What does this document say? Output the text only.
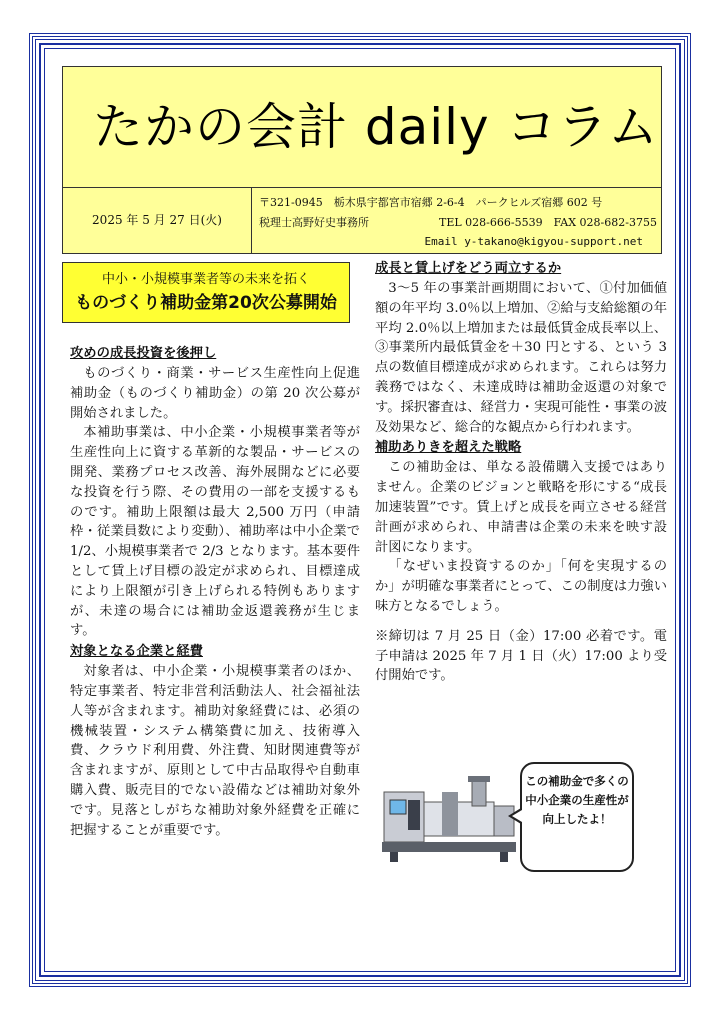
たかの会計 daily コラム
2025 年 5 月 27 日(火)
〒321-0945　栃木県宇都宮市宿郷 2-6-4　パークヒルズ宿郷 602 号
税理士高野好史事務所	TEL 028-666-5539　FAX 028-682-3755
Email y-takano@kigyou-support.net
中小・小規模事業者等の未来を拓く
ものづくり補助金第20次公募開始
攻めの成長投資を後押し

ものづくり・商業・サービス生産性向上促進補助金（ものづくり補助金）の第 20 次公募が開始されました。

本補助事業は、中小企業・小規模事業者等が生産性向上に資する革新的な製品・サービスの開発、業務プロセス改善、海外展開などに必要な投資を行う際、その費用の一部を支援するものです。補助上限額は最大 2,500 万円（申請枠・従業員数により変動）、補助率は中小企業で 1/2、小規模事業者で 2/3 となります。基本要件として賃上げ目標の設定が求められ、目標達成により上限額が引き上げられる特例もありますが、未達の場合には補助金返還義務が生じます。

対象となる企業と経費

対象者は、中小企業・小規模事業者のほか、特定事業者、特定非営利活動法人、社会福祉法人等が含まれます。補助対象経費には、必須の機械装置・システム構築費に加え、技術導入費、クラウド利用費、外注費、知財関連費等が含まれますが、原則として中古品取得や自動車購入費、販売目的でない設備などは補助対象外です。見落としがちな補助対象外経費を正確に把握することが重要です。

成長と賃上げをどう両立するか

3～5 年の事業計画期間において、①付加価値額の年平均 3.0％以上増加、②給与支給総額の年平均 2.0％以上増加または最低賃金成長率以上、③事業所内最低賃金を＋30 円とする、という 3 点の数値目標達成が求められます。これらは努力義務ではなく、未達成時は補助金返還の対象です。採択審査は、経営力・実現可能性・事業の波及効果など、総合的な観点から行われます。

補助ありきを超えた戦略

この補助金は、単なる設備購入支援ではありません。企業のビジョンと戦略を形にする“成長加速装置”です。賃上げと成長を両立させる経営計画が求められ、申請書は企業の未来を映す設計図になります。

「なぜいま投資するのか」「何を実現するのか」が明確な事業者にとって、この制度は力強い味方となるでしょう。

※締切は 7 月 25 日（金）17:00 必着です。電子申請は 2025 年 7 月 1 日（火）17:00 より受付開始です。

この補助金で多くの中小企業の生産性が向上したよ！
